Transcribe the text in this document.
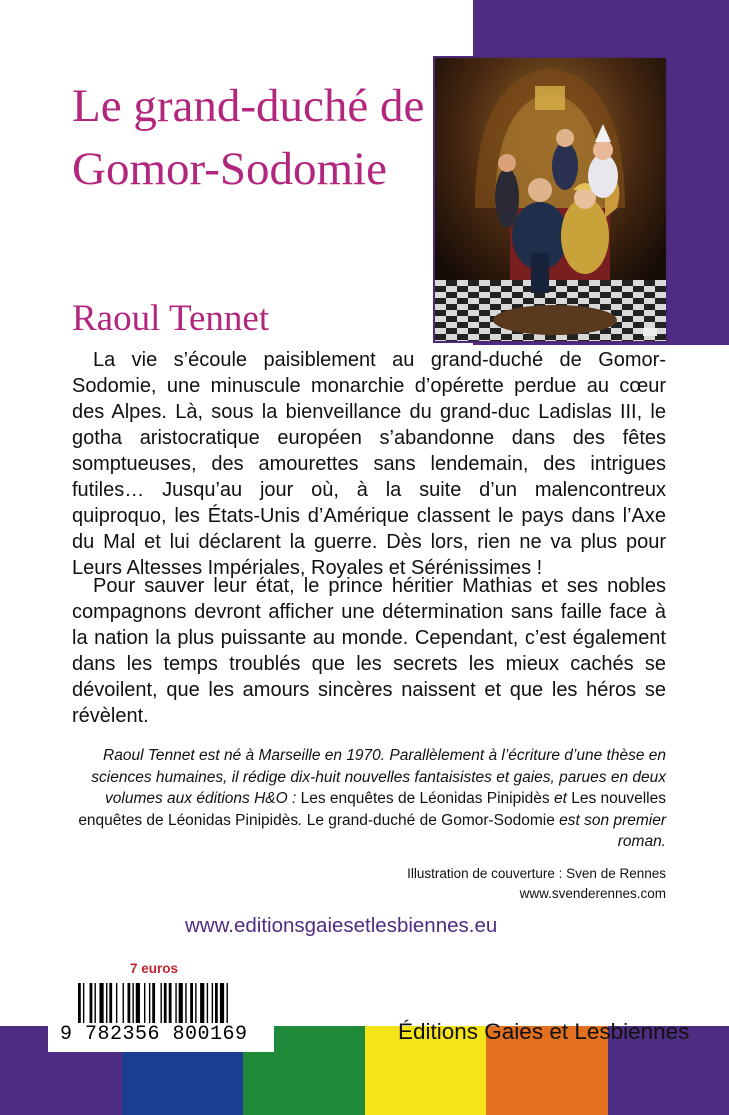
Le grand-duché de
Gomor-Sodomie
Raoul Tennet
La vie s’écoule paisiblement au grand-duché de Gomor-Sodomie, une minuscule monarchie d’opérette perdue au cœur des Alpes. Là, sous la bienveillance du grand-duc Ladislas III, le gotha aristocratique européen s’abandonne dans des fêtes somptueuses, des amourettes sans lendemain, des intrigues futiles… Jusqu’au jour où, à la suite d’un malencontreux quiproquo, les États-Unis d’Amérique classent le pays dans l’Axe du Mal et lui déclarent la guerre. Dès lors, rien ne va plus pour Leurs Altesses Impériales, Royales et Sérénissimes !
Pour sauver leur état, le prince héritier Mathias et ses nobles compagnons devront afficher une détermination sans faille face à la nation la plus puissante au monde. Cependant, c’est également dans les temps troublés que les secrets les mieux cachés se dévoilent, que les amours sincères naissent et que les héros se révèlent.
Raoul Tennet est né à Marseille en 1970. Parallèlement à l’écriture d’une thèse en sciences humaines, il rédige dix-huit nouvelles fantaisistes et gaies, parues en deux volumes aux éditions H&O : Les enquêtes de Léonidas Pinipidès et Les nouvelles enquêtes de Léonidas Pinipidès. Le grand-duché de Gomor-Sodomie est son premier roman.
Illustration de couverture : Sven de Rennes
www.svenderennes.com
www.editionsgaiesetlesbiennes.eu
7 euros
9 782356 800169	Éditions Gaies et Lesbiennes
